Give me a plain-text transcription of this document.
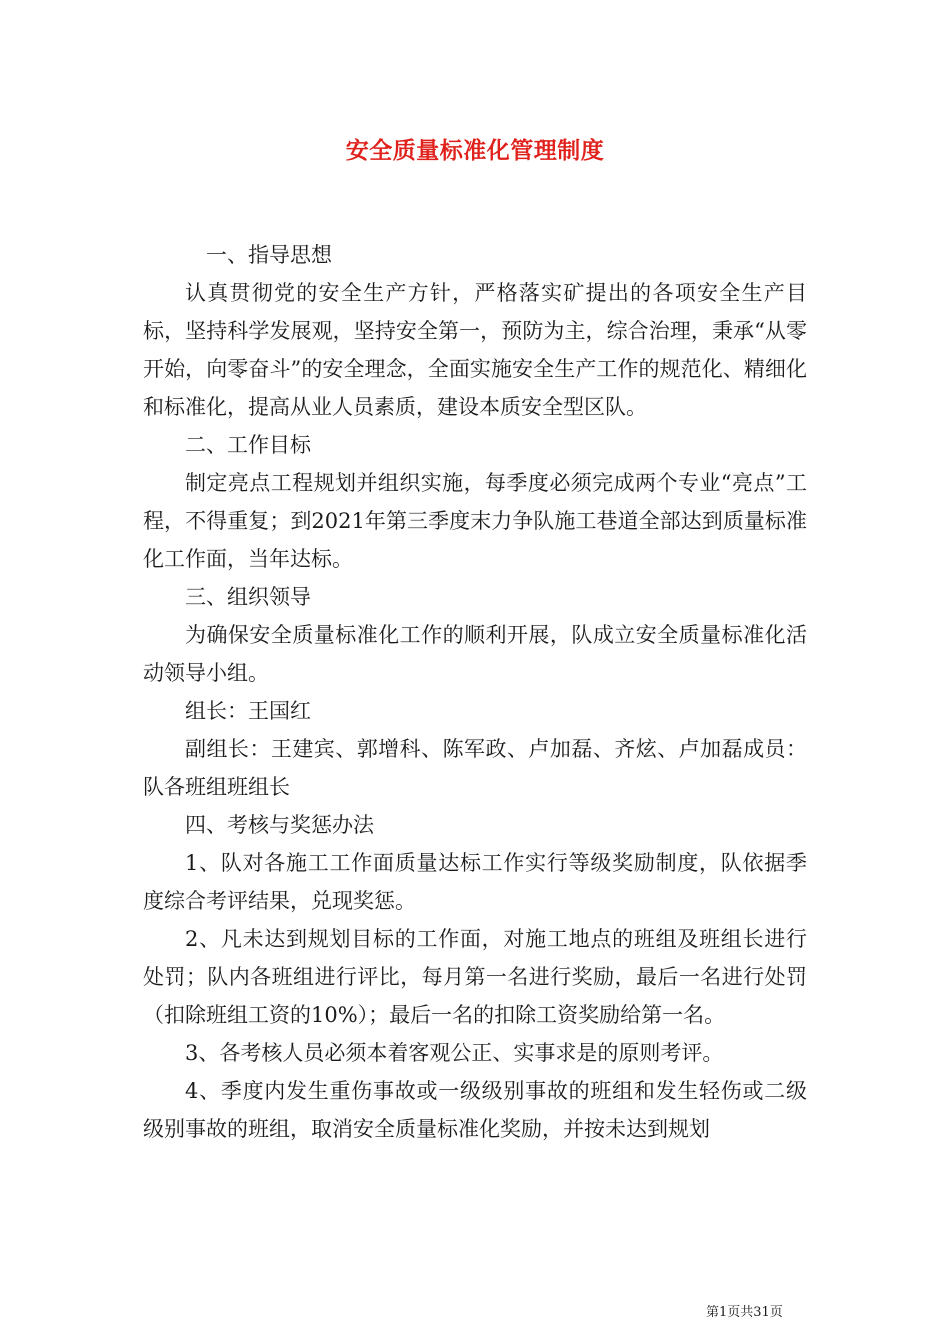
安全质量标准化管理制度

一、指导思想

认真贯彻党的安全生产方针，严格落实矿提出的各项安全生产目标，坚持科学发展观，坚持安全第一，预防为主，综合治理，秉承“从零开始，向零奋斗”的安全理念，全面实施安全生产工作的规范化、精细化和标准化，提高从业人员素质，建设本质安全型区队。

二、工作目标

制定亮点工程规划并组织实施，每季度必须完成两个专业“亮点”工程，不得重复；到2021年第三季度末力争队施工巷道全部达到质量标准化工作面，当年达标。

三、组织领导

为确保安全质量标准化工作的顺利开展，队成立安全质量标准化活动领导小组。

组长：王国红

副组长：王建宾、郭增科、陈军政、卢加磊、齐炫、卢加磊成员：队各班组班组长

四、考核与奖惩办法

1、队对各施工工作面质量达标工作实行等级奖励制度，队依据季度综合考评结果，兑现奖惩。

2、凡未达到规划目标的工作面，对施工地点的班组及班组长进行处罚；队内各班组进行评比，每月第一名进行奖励，最后一名进行处罚（扣除班组工资的10%）；最后一名的扣除工资奖励给第一名。

3、各考核人员必须本着客观公正、实事求是的原则考评。

4、季度内发生重伤事故或一级级别事故的班组和发生轻伤或二级级别事故的班组，取消安全质量标准化奖励，并按未达到规划

第1页共31页
